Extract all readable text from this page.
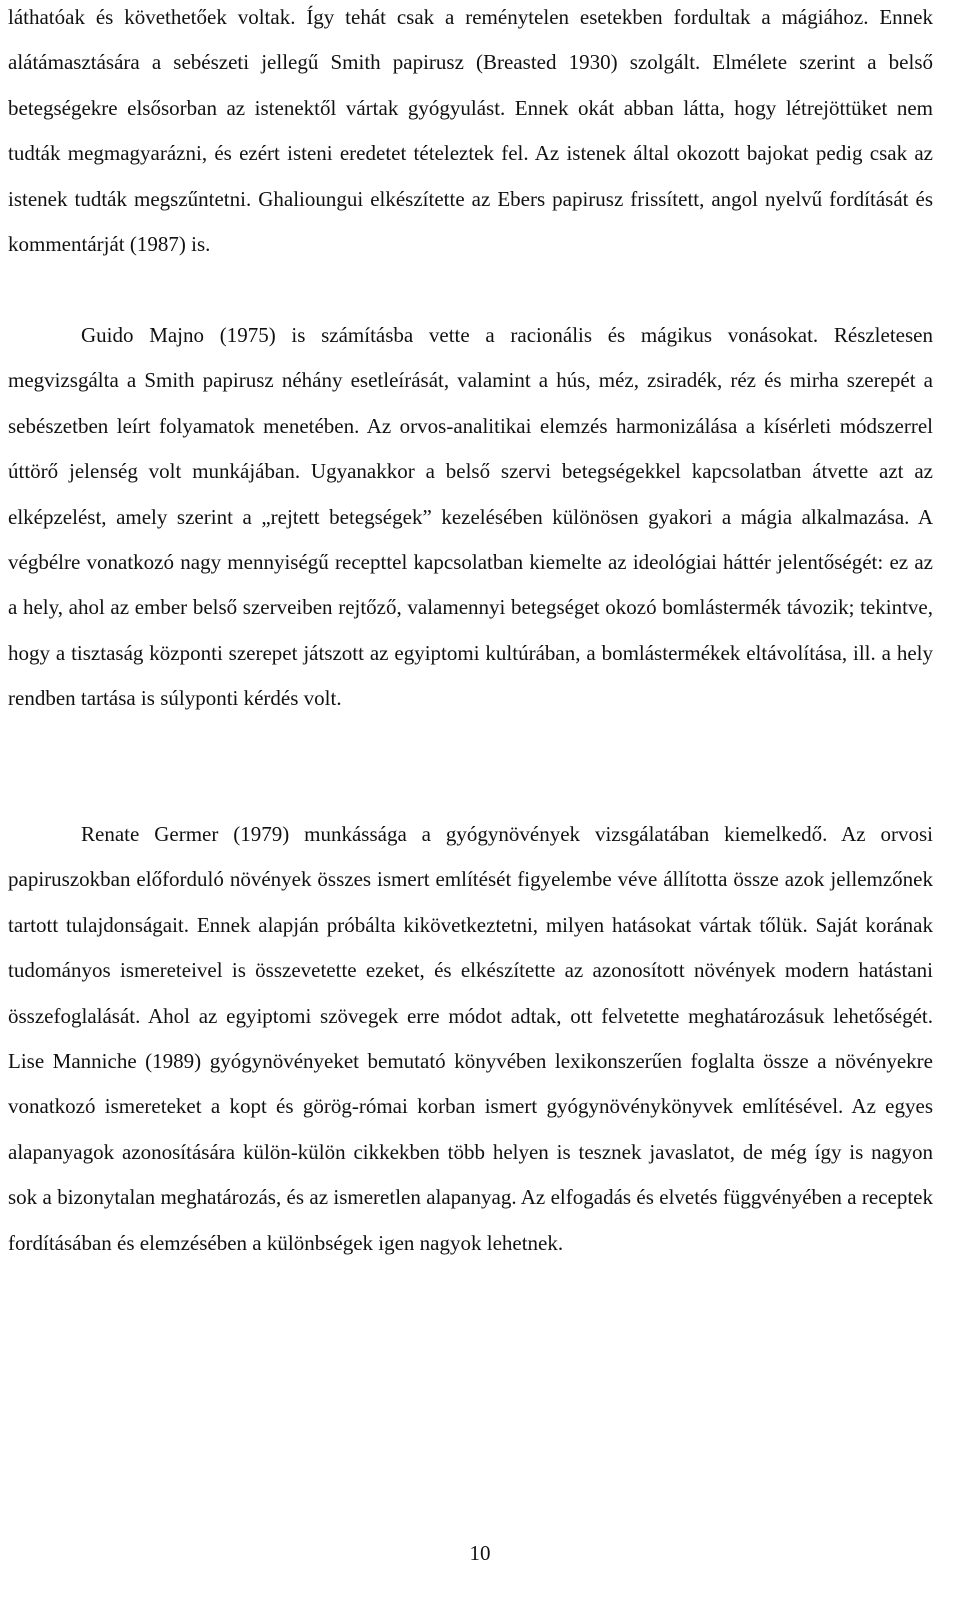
láthatóak és követhetőek voltak. Így tehát csak a reménytelen esetekben fordultak a mágiához. Ennek alátámasztására a sebészeti jellegű Smith papirusz (Breasted 1930) szolgált. Elmélete szerint a belső betegségekre elsősorban az istenektől vártak gyógyulást. Ennek okát abban látta, hogy létrejöttüket nem tudták megmagyarázni, és ezért isteni eredetet tételeztek fel. Az istenek által okozott bajokat pedig csak az istenek tudták megszűntetni. Ghalioungui elkészítette az Ebers papirusz frissített, angol nyelvű fordítását és kommentárját (1987) is.

Guido Majno (1975) is számításba vette a racionális és mágikus vonásokat. Részletesen megvizsgálta a Smith papirusz néhány esetleírását, valamint a hús, méz, zsiradék, réz és mirha szerepét a sebészetben leírt folyamatok menetében. Az orvos-analitikai elemzés harmonizálása a kísérleti módszerrel úttörő jelenség volt munkájában. Ugyanakkor a belső szervi betegségekkel kapcsolatban átvette azt az elképzelést, amely szerint a „rejtett betegségek” kezelésében különösen gyakori a mágia alkalmazása. A végbélre vonatkozó nagy mennyiségű recepttel kapcsolatban kiemelte az ideológiai háttér jelentőségét: ez az a hely, ahol az ember belső szerveiben rejtőző, valamennyi betegséget okozó bomlástermék távozik; tekintve, hogy a tisztaság központi szerepet játszott az egyiptomi kultúrában, a bomlástermékek eltávolítása, ill. a hely rendben tartása is súlyponti kérdés volt.

Renate Germer (1979) munkássága a gyógynövények vizsgálatában kiemelkedő. Az orvosi papiruszokban előforduló növények összes ismert említését figyelembe véve állította össze azok jellemzőnek tartott tulajdonságait. Ennek alapján próbálta kikövetkeztetni, milyen hatásokat vártak tőlük. Saját korának tudományos ismereteivel is összevetette ezeket, és elkészítette az azonosított növények modern hatástani összefoglalását. Ahol az egyiptomi szövegek erre módot adtak, ott felvetette meghatározásuk lehetőségét. Lise Manniche (1989) gyógynövényeket bemutató könyvében lexikonszerűen foglalta össze a növényekre vonatkozó ismereteket a kopt és görög-római korban ismert gyógynövénykönyvek említésével. Az egyes alapanyagok azonosítására külön-külön cikkekben több helyen is tesznek javaslatot, de még így is nagyon sok a bizonytalan meghatározás, és az ismeretlen alapanyag. Az elfogadás és elvetés függvényében a receptek fordításában és elemzésében a különbségek igen nagyok lehetnek.

10
